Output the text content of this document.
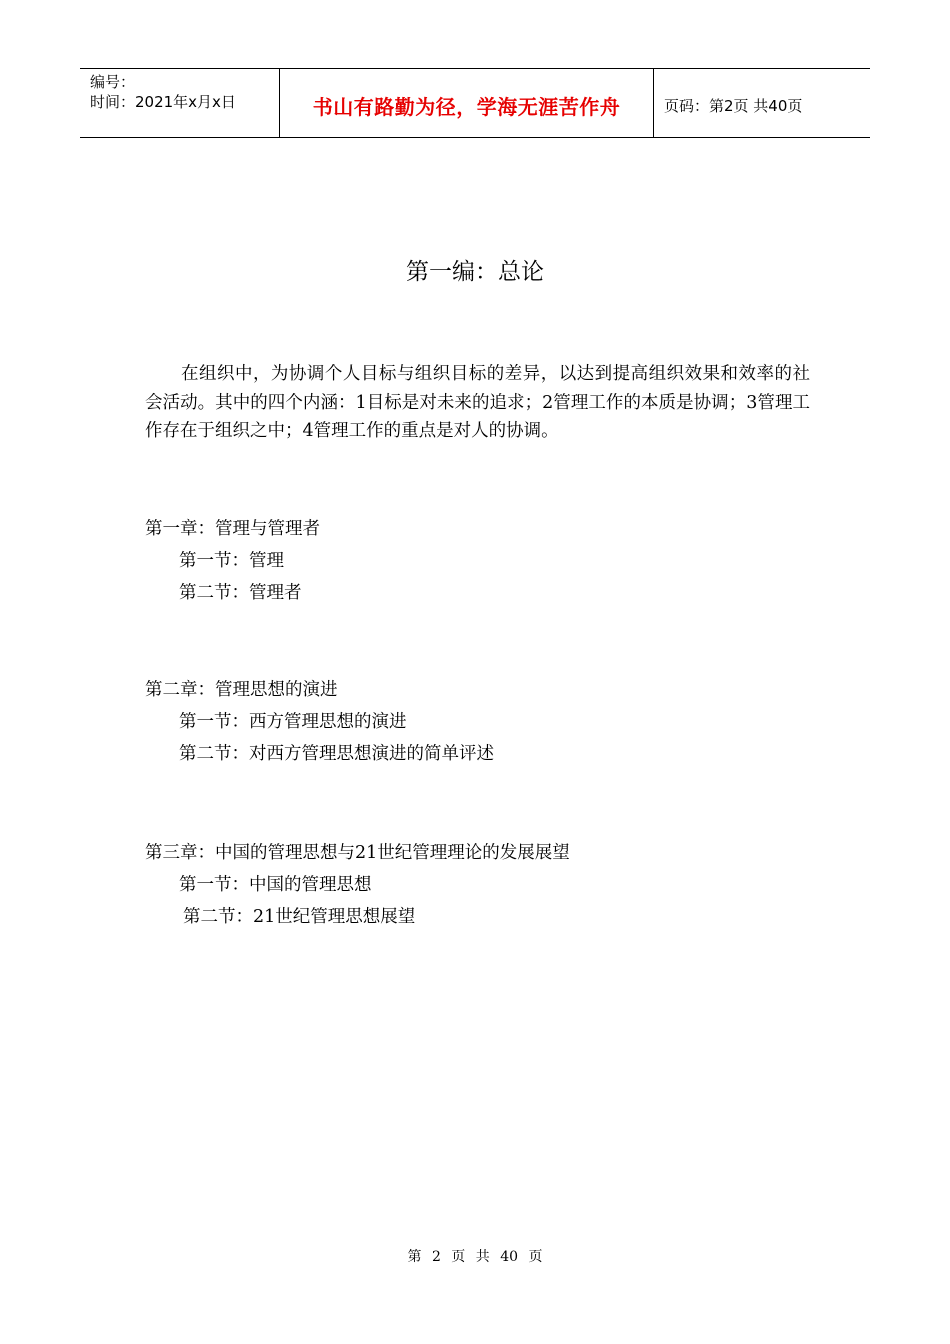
编号：
时间：2021年x月x日	书山有路勤为径，学海无涯苦作舟	页码：第2页 共40页
第一编：总论
在组织中，为协调个人目标与组织目标的差异，以达到提高组织效果和效率的社会活动。其中的四个内涵：1目标是对未来的追求；2管理工作的本质是协调；3管理工作存在于组织之中；4管理工作的重点是对人的协调。
第一章：管理与管理者
第一节：管理
第二节：管理者
第二章：管理思想的演进
第一节：西方管理思想的演进
第二节：对西方管理思想演进的简单评述
第三章：中国的管理思想与21世纪管理理论的发展展望
第一节：中国的管理思想
第二节：21世纪管理思想展望
第 2 页 共 40 页
